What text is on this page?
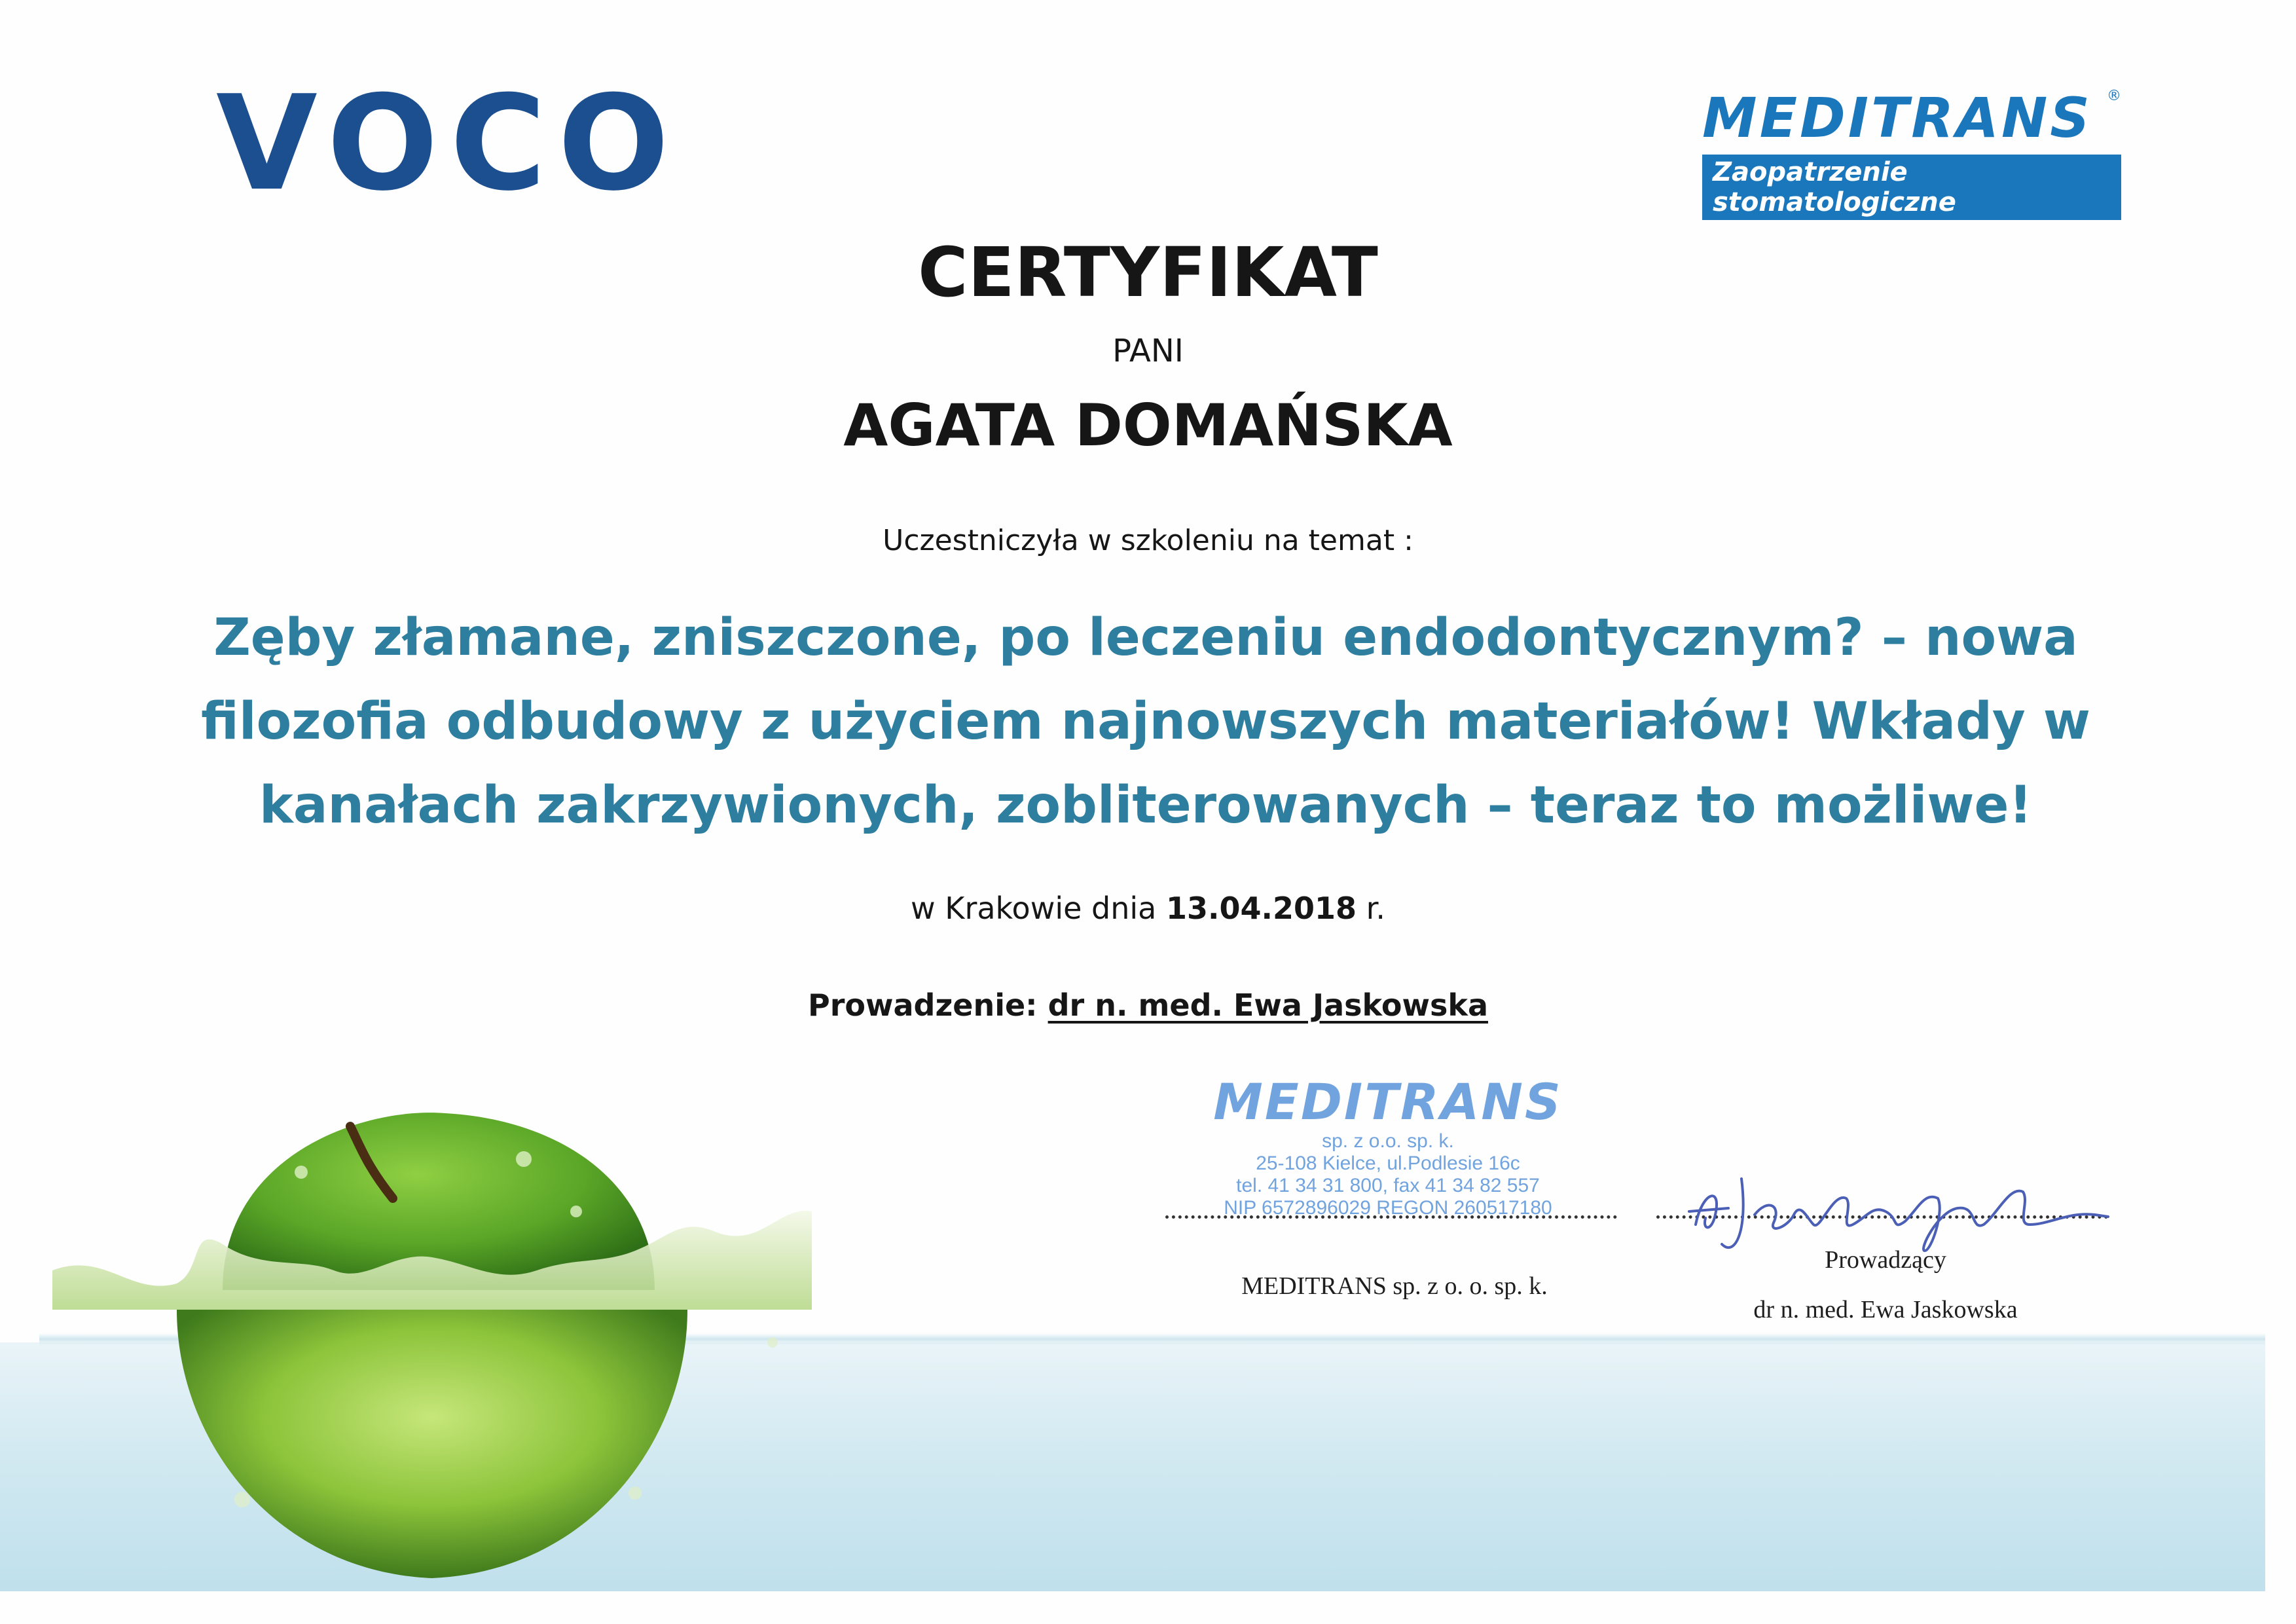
VOCO	MEDITRANS	®
Zaopatrzenie stomatologiczne
CERTYFIKAT
PANI
AGATA DOMAŃSKA
Uczestniczyła w szkoleniu na temat :
Zęby złamane, zniszczone, po leczeniu endodontycznym? – nowa filozofia odbudowy z użyciem najnowszych materiałów! Wkłady w kanałach zakrzywionych, zobliterowanych – teraz to możliwe!
w Krakowie dnia 13.04.2018 r.
Prowadzenie: dr n. med. Ewa Jaskowska
MEDITRANS
sp. z o.o. sp. k.
25-108 Kielce, ul.Podlesie 16c
tel. 41 34 31 800, fax 41 34 82 557
NIP 6572896029 REGON 260517180
MEDITRANS sp. z o. o. sp. k.
Prowadzący
dr n. med. Ewa Jaskowska
